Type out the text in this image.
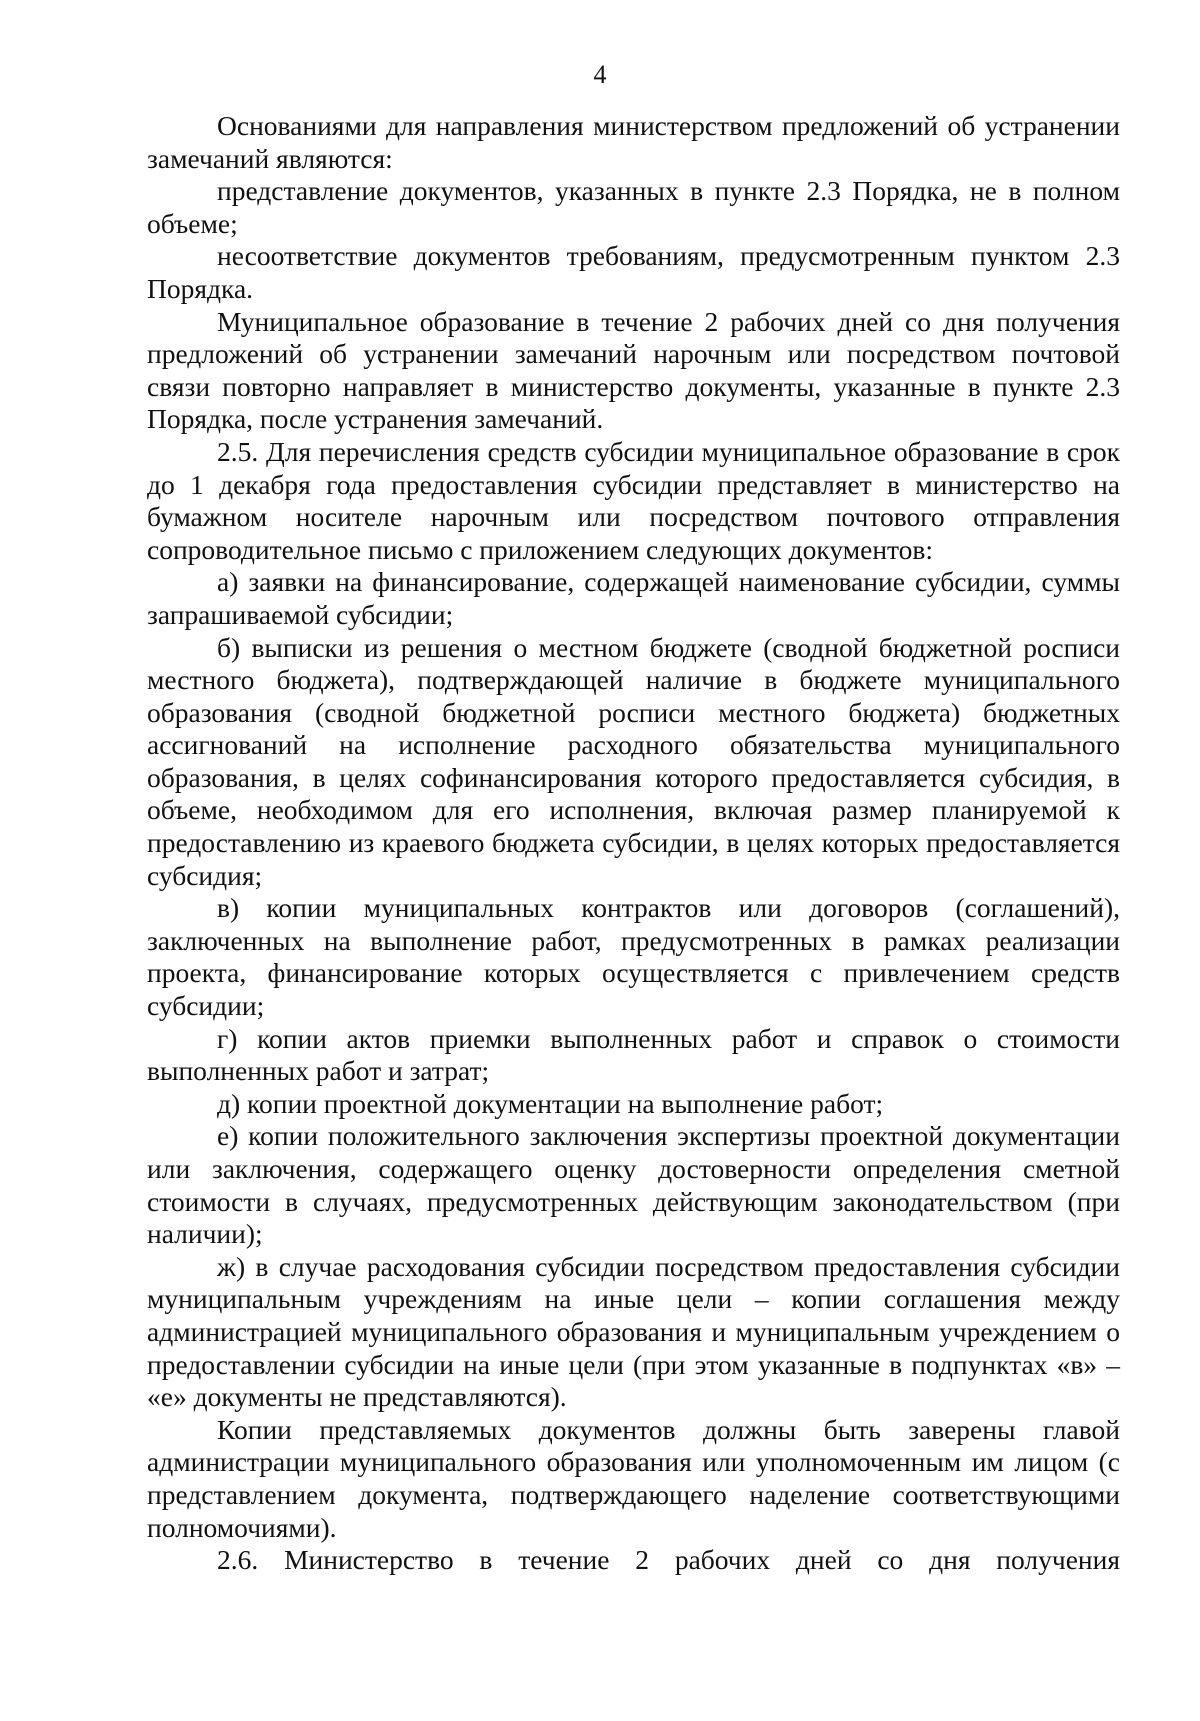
4

Основаниями для направления министерством предложений об устранении замечаний являются:

представление документов, указанных в пункте 2.3 Порядка, не в полном объеме;

несоответствие документов требованиям, предусмотренным пунктом 2.3 Порядка.

Муниципальное образование в течение 2 рабочих дней со дня получения предложений об устранении замечаний нарочным или посредством почтовой связи повторно направляет в министерство документы, указанные в пункте 2.3 Порядка, после устранения замечаний.

2.5. Для перечисления средств субсидии муниципальное образование в срок до 1 декабря года предоставления субсидии представляет в министерство на бумажном носителе нарочным или посредством почтового отправления сопроводительное письмо с приложением следующих документов:

а) заявки на финансирование, содержащей наименование субсидии, суммы запрашиваемой субсидии;

б) выписки из решения о местном бюджете (сводной бюджетной росписи местного бюджета), подтверждающей наличие в бюджете муниципального образования (сводной бюджетной росписи местного бюджета) бюджетных ассигнований на исполнение расходного обязательства муниципального образования, в целях софинансирования которого предоставляется субсидия, в объеме, необходимом для его исполнения, включая размер планируемой к предоставлению из краевого бюджета субсидии, в целях которых предоставляется субсидия;

в) копии муниципальных контрактов или договоров (соглашений), заключенных на выполнение работ, предусмотренных в рамках реализации проекта, финансирование которых осуществляется с привлечением средств субсидии;

г) копии актов приемки выполненных работ и справок о стоимости выполненных работ и затрат;

д) копии проектной документации на выполнение работ;

е) копии положительного заключения экспертизы проектной документации или заключения, содержащего оценку достоверности определения сметной стоимости в случаях, предусмотренных действующим законодательством (при наличии);

ж) в случае расходования субсидии посредством предоставления субсидии муниципальным учреждениям на иные цели – копии соглашения между администрацией муниципального образования и муниципальным учреждением о предоставлении субсидии на иные цели (при этом указанные в подпунктах «в» – «е» документы не представляются).

Копии представляемых документов должны быть заверены главой администрации муниципального образования или уполномоченным им лицом (с представлением документа, подтверждающего наделение соответствующими полномочиями).

2.6. Министерство в течение 2 рабочих дней со дня получения
